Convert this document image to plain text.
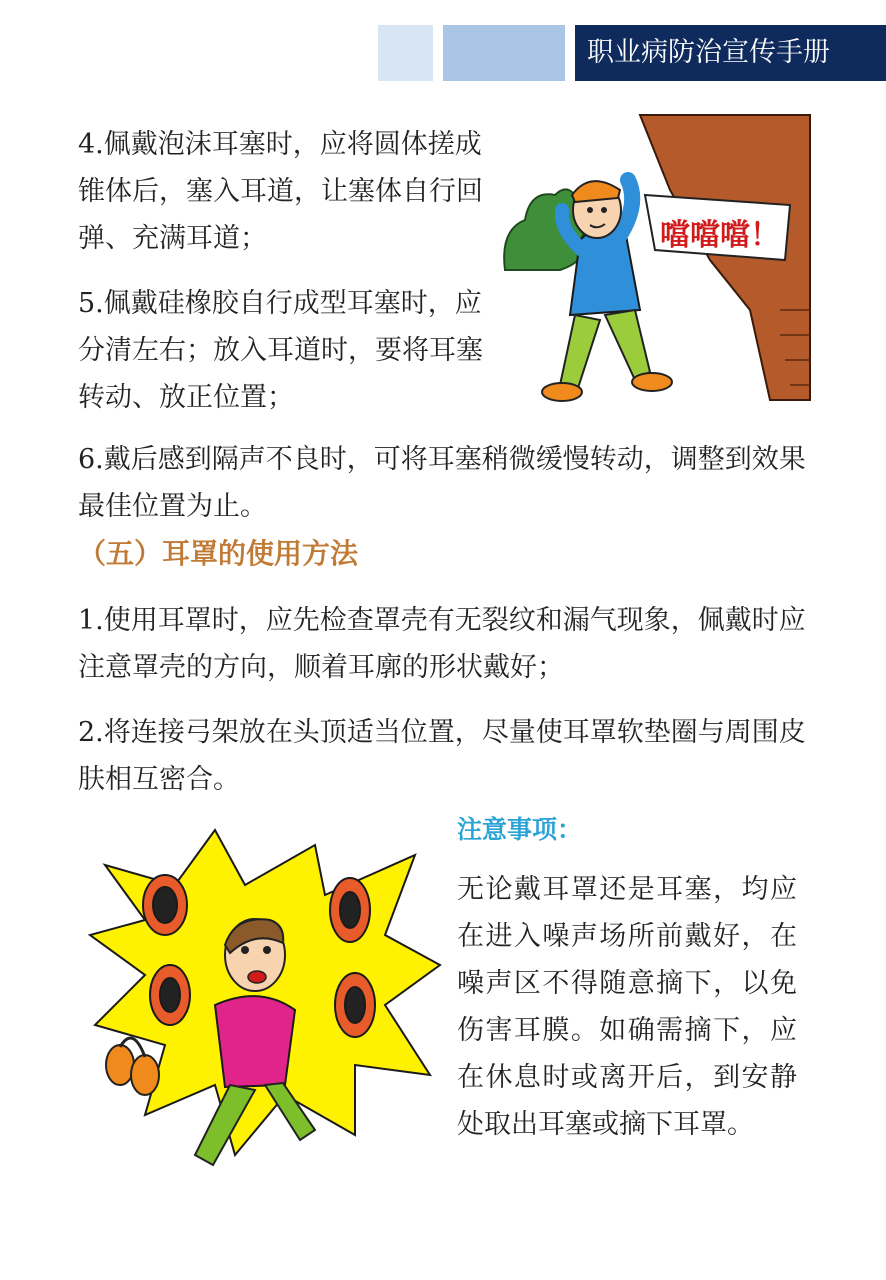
职业病防治宣传手册

4.佩戴泡沫耳塞时，应将圆体搓成锥体后，塞入耳道，让塞体自行回弹、充满耳道；

5.佩戴硅橡胶自行成型耳塞时，应分清左右；放入耳道时，要将耳塞转动、放正位置；

噹噹噹！

6.戴后感到隔声不良时，可将耳塞稍微缓慢转动，调整到效果最佳位置为止。

（五）耳罩的使用方法

1.使用耳罩时，应先检查罩壳有无裂纹和漏气现象，佩戴时应注意罩壳的方向，顺着耳廓的形状戴好；

2.将连接弓架放在头顶适当位置，尽量使耳罩软垫圈与周围皮肤相互密合。

注意事项：

无论戴耳罩还是耳塞，均应在进入噪声场所前戴好，在噪声区不得随意摘下，以免伤害耳膜。如确需摘下，应在休息时或离开后，到安静处取出耳塞或摘下耳罩。
